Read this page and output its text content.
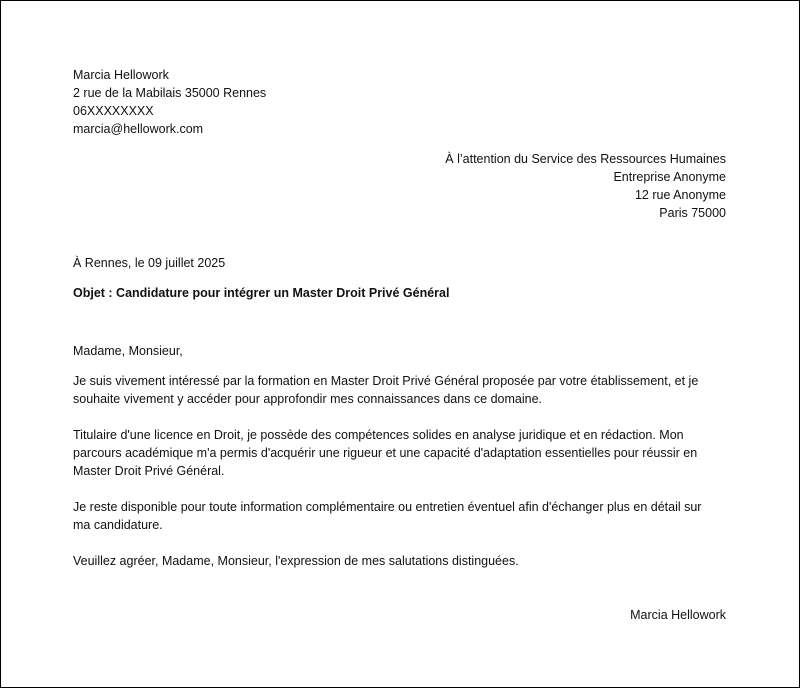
Marcia Hellowork
2 rue de la Mabilais 35000 Rennes
06XXXXXXXX
marcia@hellowork.com
À l’attention du Service des Ressources Humaines
Entreprise Anonyme
12 rue Anonyme
Paris 75000
À Rennes, le 09 juillet 2025
Objet : Candidature pour intégrer un Master Droit Privé Général
Madame, Monsieur,
Je suis vivement intéressé par la formation en Master Droit Privé Général proposée par votre établissement, et je
souhaite vivement y accéder pour approfondir mes connaissances dans ce domaine.
Titulaire d'une licence en Droit, je possède des compétences solides en analyse juridique et en rédaction. Mon
parcours académique m'a permis d'acquérir une rigueur et une capacité d'adaptation essentielles pour réussir en
Master Droit Privé Général.
Je reste disponible pour toute information complémentaire ou entretien éventuel afin d'échanger plus en détail sur
ma candidature.
Veuillez agréer, Madame, Monsieur, l'expression de mes salutations distinguées.
Marcia Hellowork
